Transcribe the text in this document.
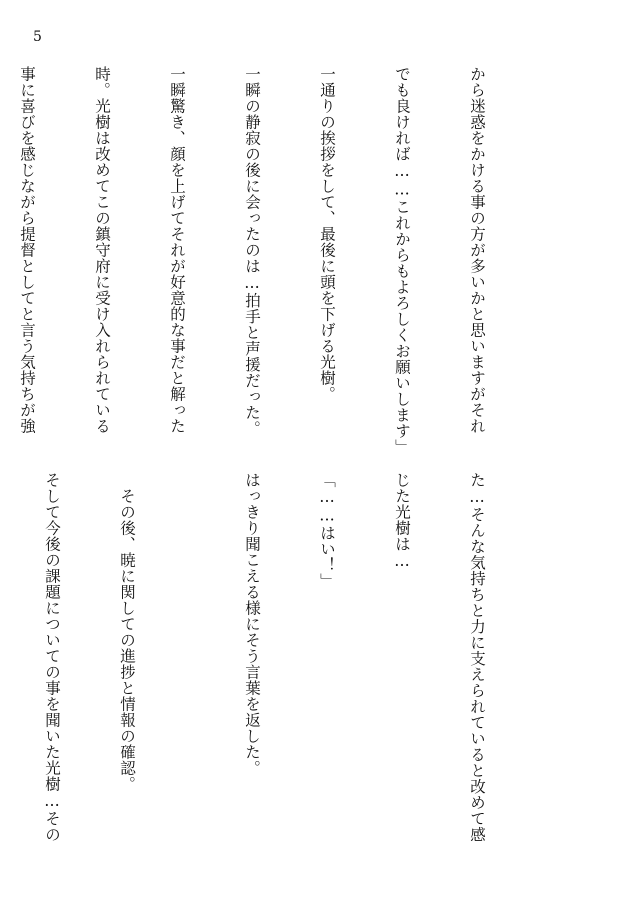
5

から迷惑をかける事の方が多いかと思いますがそれ

でも良ければ……これからもよろしくお願いします」

一通りの挨拶をして、最後に頭を下げる光樹。

一瞬の静寂の後に会ったのは…拍手と声援だった。

一瞬驚き、顔を上げてそれが好意的な事だと解った

時。光樹は改めてこの鎮守府に受け入れられている

事に喜びを感じながら提督としてと言う気持ちが強

た…そんな気持ちと力に支えられていると改めて感

じた光樹は…

「……はい！」

はっきり聞こえる様にそう言葉を返した。

　その後、暁に関しての進捗と情報の確認。

そして今後の課題についての事を聞いた光樹…その
